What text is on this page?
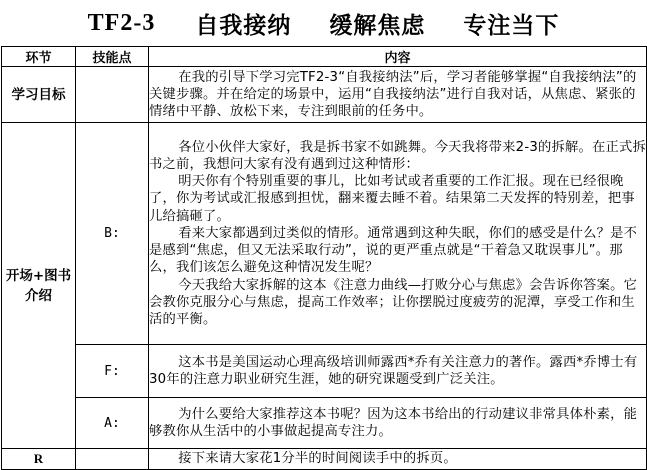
TF2-3 自我接纳 缓解焦虑 专注当下
环节	技能点	内容
学习目标		在我的引导下学习完TF2-3“自我接纳法”后，学习者能够掌握“自我接纳法”的关键步骤。并在给定的场景中，运用“自我接纳法”进行自我对话，从焦虑、紧张的情绪中平静、放松下来，专注到眼前的任务中。

开场+图书介绍	B:	各位小伙伴大家好，我是拆书家不如跳舞。今天我将带来2-3的拆解。在正式拆书之前，我想问大家有没有遇到过这种情形：

明天你有个特别重要的事儿，比如考试或者重要的工作汇报。现在已经很晚了，你为考试或汇报感到担忧，翻来覆去睡不着。结果第二天发挥的特别差，把事儿给搞砸了。

看来大家都遇到过类似的情形。通常遇到这种失眠，你们的感受是什么？是不是感到“焦虑，但又无法采取行动”，说的更严重点就是“干着急又耽误事儿”。那么，我们该怎么避免这种情况发生呢？

今天我给大家拆解的这本《注意力曲线—打败分心与焦虑》会告诉你答案。它会教你克服分心与焦虑，提高工作效率；让你摆脱过度疲劳的泥潭，享受工作和生活的平衡。

	F:	这本书是美国运动心理高级培训师露西*乔有关注意力的著作。露西*乔博士有30年的注意力职业研究生涯，她的研究课题受到广泛关注。

	A:	为什么要给大家推荐这本书呢？因为这本书给出的行动建议非常具体朴素，能够教你从生活中的小事做起提高专注力。

R		接下来请大家花1分半的时间阅读手中的拆页。
